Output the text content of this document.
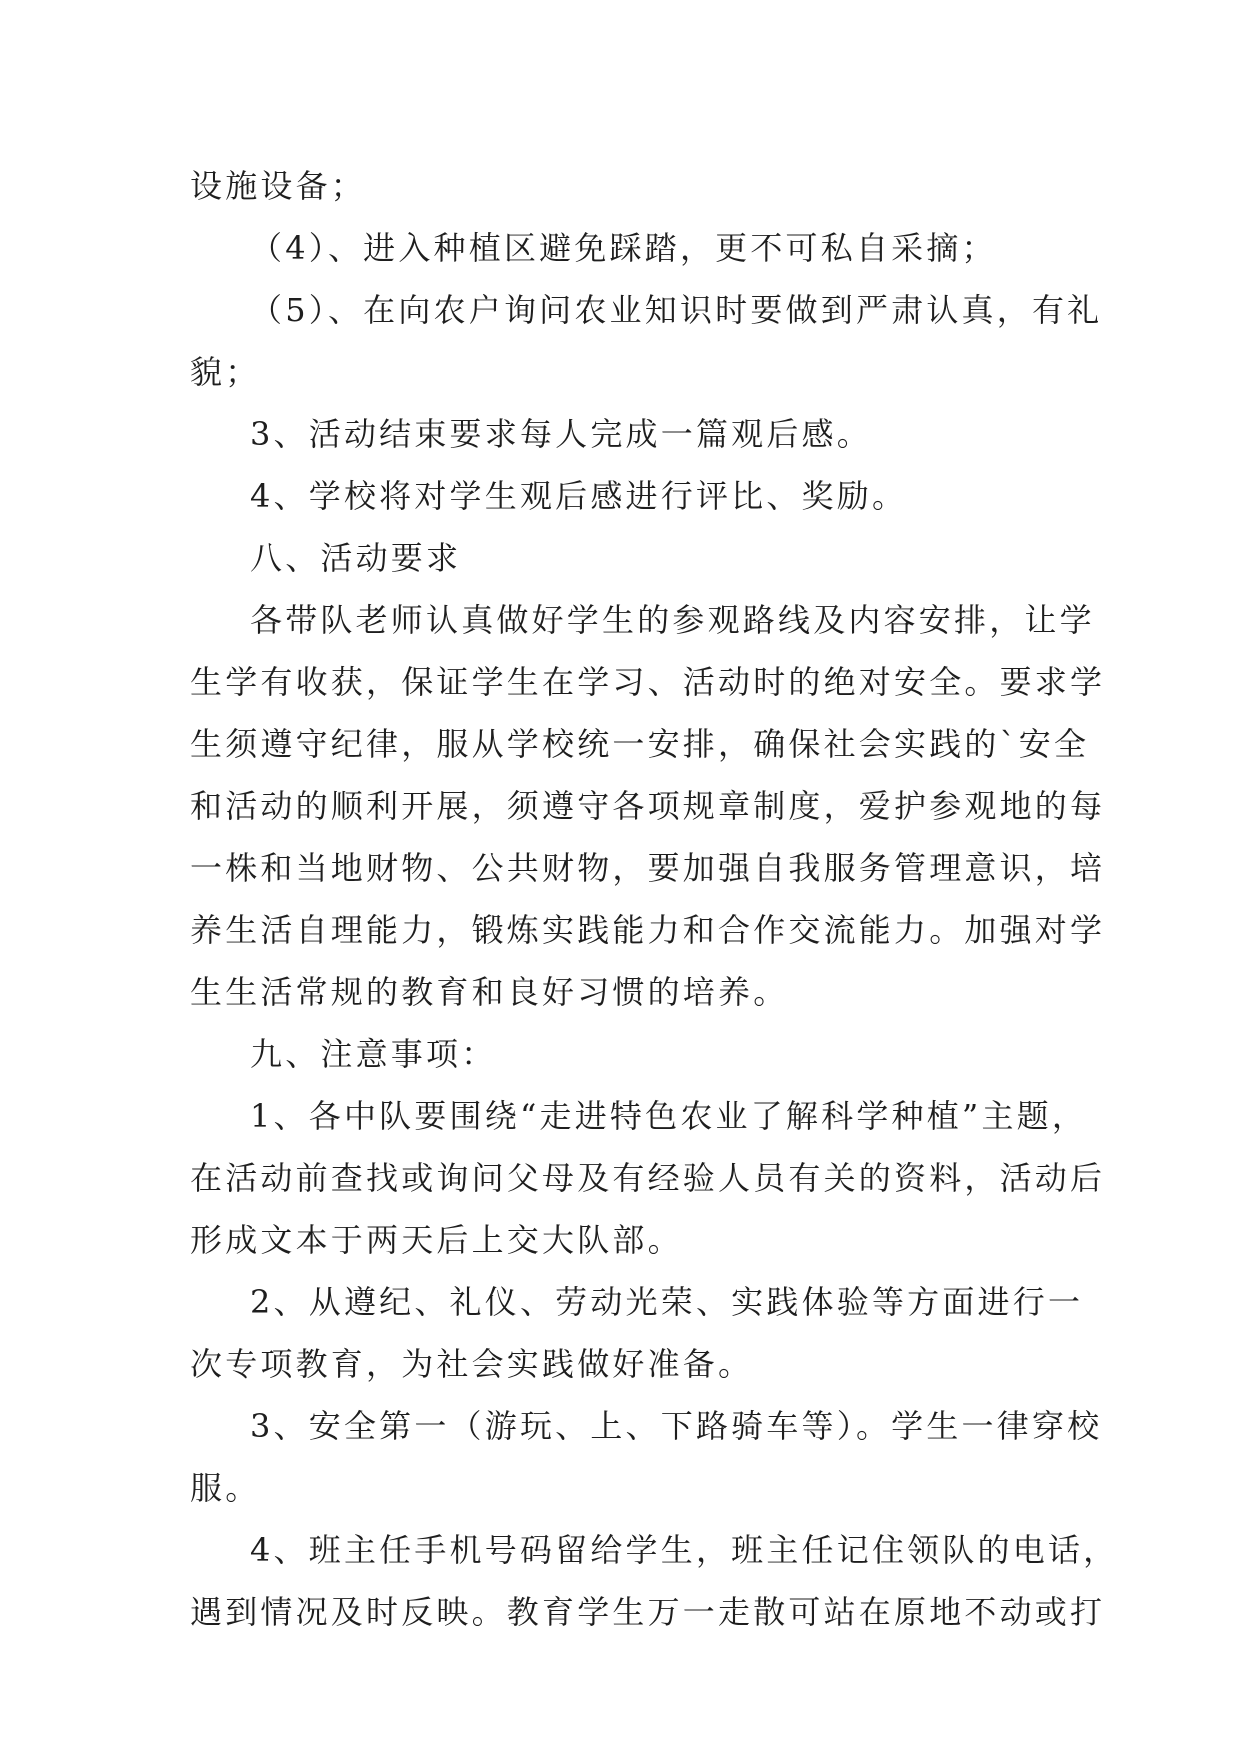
设施设备；

（4）、进入种植区避免踩踏，更不可私自采摘；

（5）、在向农户询问农业知识时要做到严肃认真，有礼

貌；

3、活动结束要求每人完成一篇观后感。

4、学校将对学生观后感进行评比、奖励。

八、活动要求

各带队老师认真做好学生的参观路线及内容安排，让学

生学有收获，保证学生在学习、活动时的绝对安全。要求学

生须遵守纪律，服从学校统一安排，确保社会实践的`安全

和活动的顺利开展，须遵守各项规章制度，爱护参观地的每

一株和当地财物、公共财物，要加强自我服务管理意识，培

养生活自理能力，锻炼实践能力和合作交流能力。加强对学

生生活常规的教育和良好习惯的培养。

九、注意事项：

1、各中队要围绕“走进特色农业了解科学种植”主题，

在活动前查找或询问父母及有经验人员有关的资料，活动后

形成文本于两天后上交大队部。

2、从遵纪、礼仪、劳动光荣、实践体验等方面进行一

次专项教育，为社会实践做好准备。

3、安全第一（游玩、上、下路骑车等）。学生一律穿校

服。

4、班主任手机号码留给学生，班主任记住领队的电话，

遇到情况及时反映。教育学生万一走散可站在原地不动或打
